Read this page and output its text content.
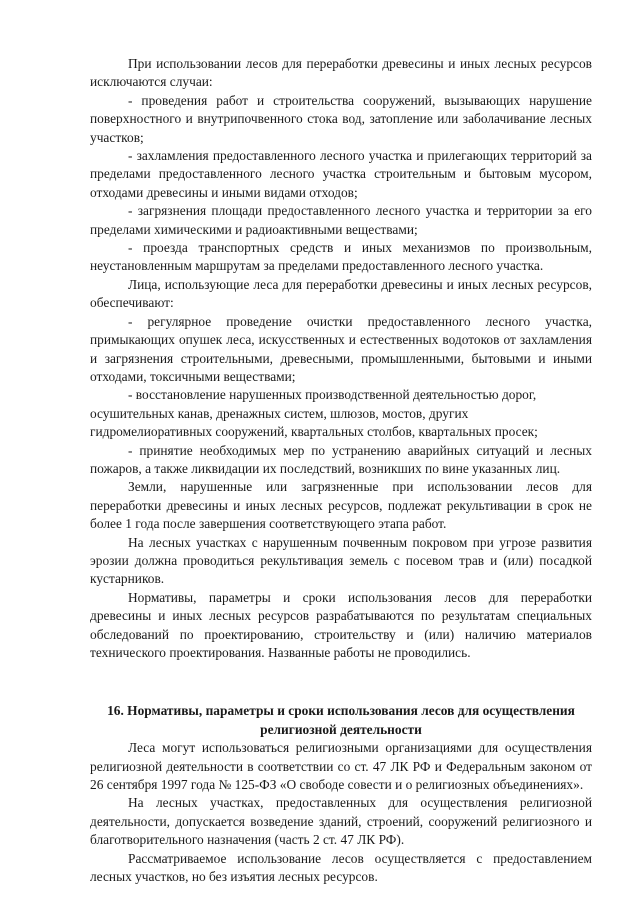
При использовании лесов для переработки древесины и иных лесных ресурсов исключаются случаи:

- проведения работ и строительства сооружений, вызывающих нарушение поверхностного и внутрипочвенного стока вод, затопление или заболачивание лесных участков;

- захламления предоставленного лесного участка и прилегающих территорий за пределами предоставленного лесного участка строительным и бытовым мусором, отходами древесины и иными видами отходов;

- загрязнения площади предоставленного лесного участка и территории за его пределами химическими и радиоактивными веществами;

- проезда транспортных средств и иных механизмов по произвольным, неустановленным маршрутам за пределами предоставленного лесного участка.

Лица, использующие леса для переработки древесины и иных лесных ресурсов, обеспечивают:

- регулярное проведение очистки предоставленного лесного участка, примыкающих опушек леса, искусственных и естественных водотоков от захламления и загрязнения строительными, древесными, промышленными, бытовыми и иными отходами, токсичными веществами;

- восстановление нарушенных производственной деятельностью дорог,

осушительных канав, дренажных систем, шлюзов, мостов, других гидромелиоративных сооружений, квартальных столбов, квартальных просек;

- принятие необходимых мер по устранению аварийных ситуаций и лесных пожаров, а также ликвидации их последствий, возникших по вине указанных лиц.

Земли, нарушенные или загрязненные при использовании лесов для переработки древесины и иных лесных ресурсов, подлежат рекультивации в срок не более 1 года после завершения соответствующего этапа работ.

На лесных участках с нарушенным почвенным покровом при угрозе развития эрозии должна проводиться рекультивация земель с посевом трав и (или) посадкой кустарников.

Нормативы, параметры и сроки использования лесов для переработки древесины и иных лесных ресурсов разрабатываются по результатам специальных обследований по проектированию, строительству и (или) наличию материалов технического проектирования. Названные работы не проводились.

16. Нормативы, параметры и сроки использования лесов для осуществления религиозной деятельности

Леса могут использоваться религиозными организациями для осуществления религиозной деятельности в соответствии со ст. 47 ЛК РФ и Федеральным законом от 26 сентября 1997 года № 125-ФЗ «О свободе совести и о религиозных объединениях».

На лесных участках, предоставленных для осуществления религиозной деятельности, допускается возведение зданий, строений, сооружений религиозного и благотворительного назначения (часть 2 ст. 47 ЛК РФ).

Рассматриваемое использование лесов осуществляется с предоставлением лесных участков, но без изъятия лесных ресурсов.
